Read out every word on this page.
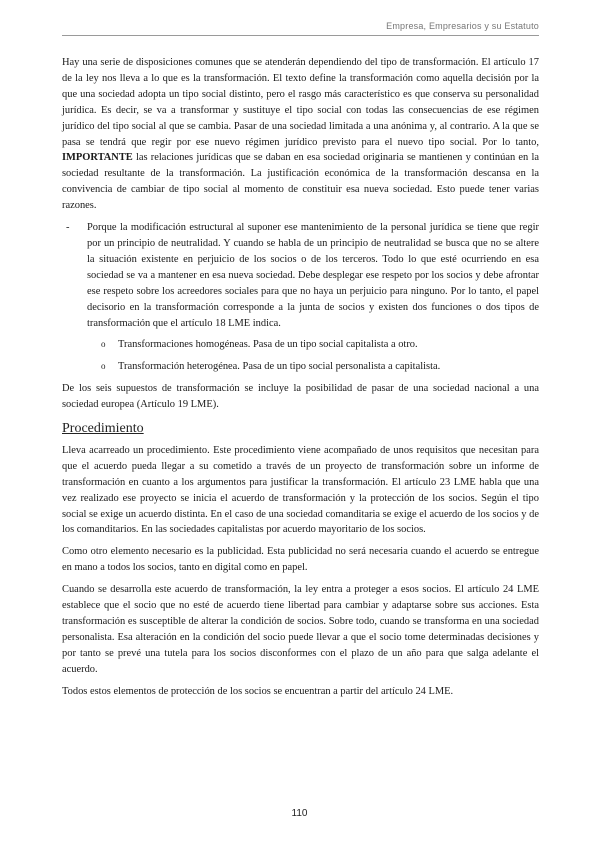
Empresa, Empresarios y su Estatuto

Hay una serie de disposiciones comunes que se atenderán dependiendo del tipo de transformación. El artículo 17 de la ley nos lleva a lo que es la transformación. El texto define la transformación como aquella decisión por la que una sociedad adopta un tipo social distinto, pero el rasgo más característico es que conserva su personalidad jurídica. Es decir, se va a transformar y sustituye el tipo social con todas las consecuencias de ese régimen jurídico del tipo social al que se cambia. Pasar de una sociedad limitada a una anónima y, al contrario. A la que se pasa se tendrá que regir por ese nuevo régimen jurídico previsto para el nuevo tipo social. Por lo tanto, IMPORTANTE las relaciones jurídicas que se daban en esa sociedad originaria se mantienen y continúan en la sociedad resultante de la transformación. La justificación económica de la transformación descansa en la convivencia de cambiar de tipo social al momento de constituir esa nueva sociedad. Esto puede tener varias razones.

- Porque la modificación estructural al suponer ese mantenimiento de la personal jurídica se tiene que regir por un principio de neutralidad. Y cuando se habla de un principio de neutralidad se busca que no se altere la situación existente en perjuicio de los socios o de los terceros. Todo lo que esté ocurriendo en esa sociedad se va a mantener en esa nueva sociedad. Debe desplegar ese respeto por los socios y debe afrontar ese respeto sobre los acreedores sociales para que no haya un perjuicio para ninguno. Por lo tanto, el papel decisorio en la transformación corresponde a la junta de socios y existen dos funciones o dos tipos de transformación que el artículo 18 LME indica.
o Transformaciones homogéneas. Pasa de un tipo social capitalista a otro.
o Transformación heterogénea. Pasa de un tipo social personalista a capitalista.

De los seis supuestos de transformación se incluye la posibilidad de pasar de una sociedad nacional a una sociedad europea (Artículo 19 LME).

Procedimiento

Lleva acarreado un procedimiento. Este procedimiento viene acompañado de unos requisitos que necesitan para que el acuerdo pueda llegar a su cometido a través de un proyecto de transformación sobre un informe de transformación en cuanto a los argumentos para justificar la transformación. El artículo 23 LME habla que una vez realizado ese proyecto se inicia el acuerdo de transformación y la protección de los socios. Según el tipo social se exige un acuerdo distinta. En el caso de una sociedad comanditaria se exige el acuerdo de los socios y de los comanditarios. En las sociedades capitalistas por acuerdo mayoritario de los socios.

Como otro elemento necesario es la publicidad. Esta publicidad no será necesaria cuando el acuerdo se entregue en mano a todos los socios, tanto en digital como en papel.

Cuando se desarrolla este acuerdo de transformación, la ley entra a proteger a esos socios. El artículo 24 LME establece que el socio que no esté de acuerdo tiene libertad para cambiar y adaptarse sobre sus acciones. Esta transformación es susceptible de alterar la condición de socios. Sobre todo, cuando se transforma en una sociedad personalista. Esa alteración en la condición del socio puede llevar a que el socio tome determinadas decisiones y por tanto se prevé una tutela para los socios disconformes con el plazo de un año para que salga adelante el acuerdo.

Todos estos elementos de protección de los socios se encuentran a partir del artículo 24 LME.

110
